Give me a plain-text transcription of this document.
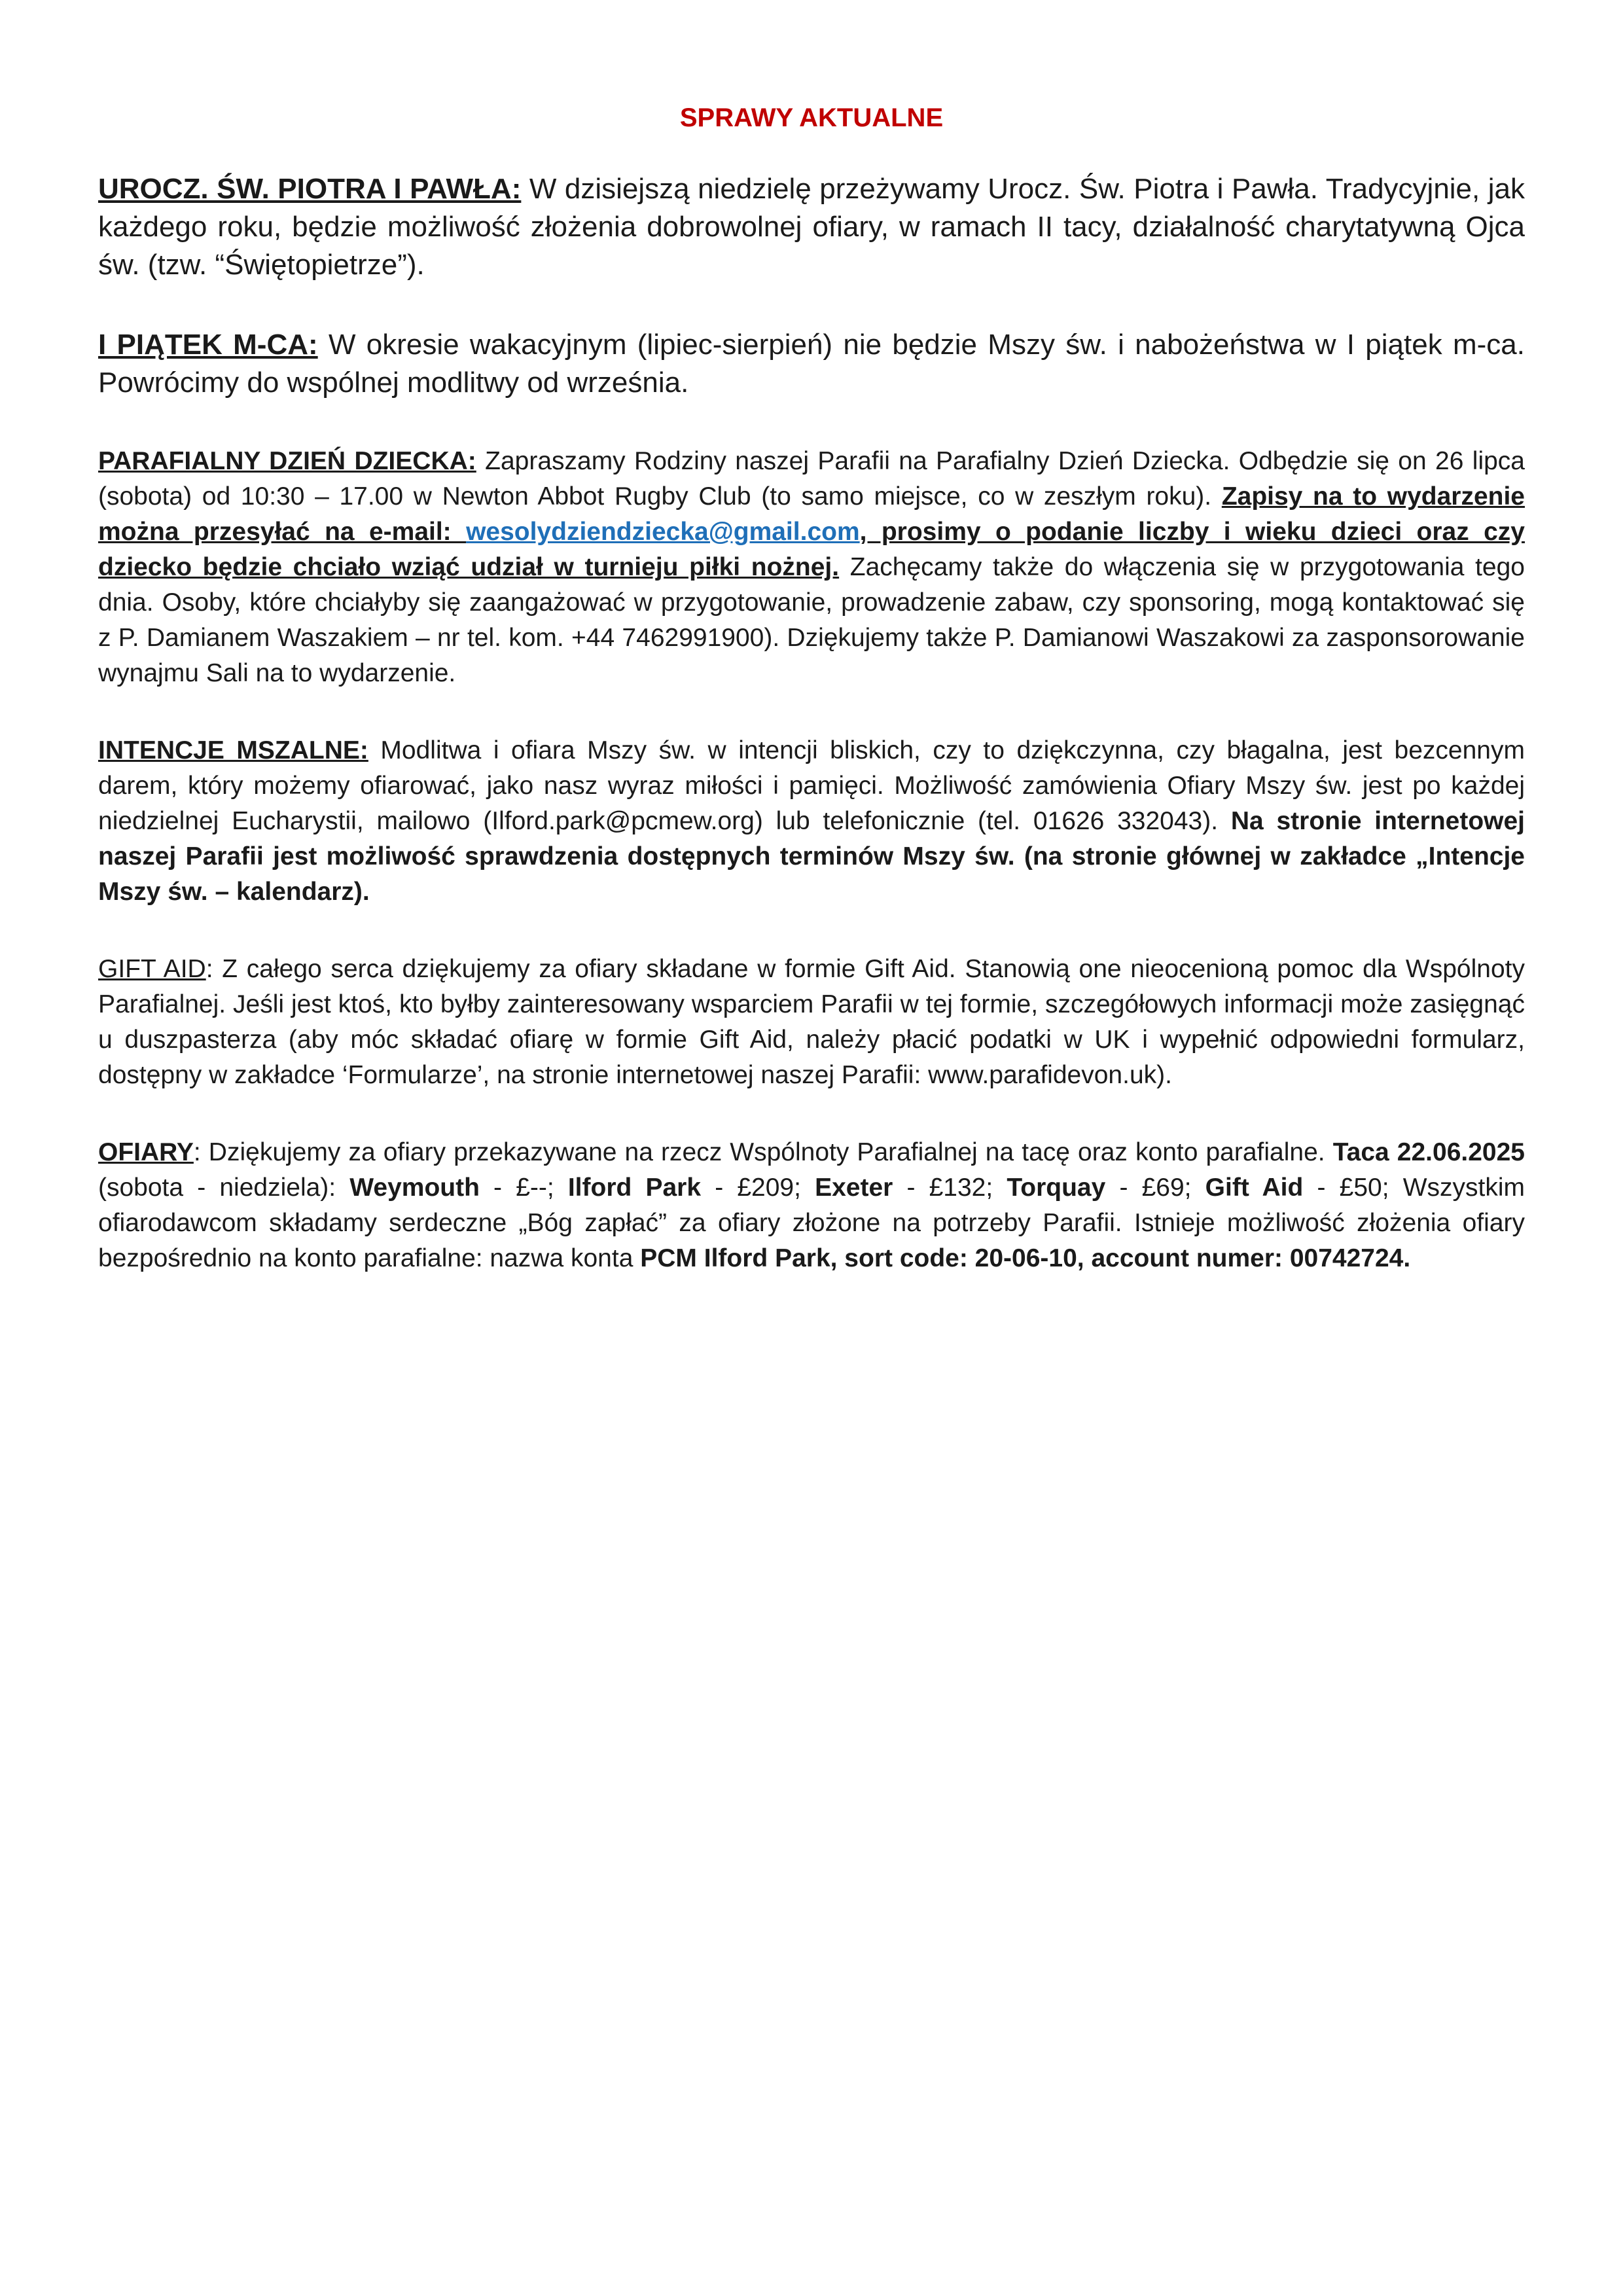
SPRAWY AKTUALNE

UROCZ. ŚW. PIOTRA I PAWŁA: W dzisiejszą niedzielę przeżywamy Urocz. Św. Piotra i Pawła. Tradycyjnie, jak każdego roku, będzie możliwość złożenia dobrowolnej ofiary, w ramach II tacy, działalność charytatywną Ojca św. (tzw. “Świętopietrze”).

I PIĄTEK M-CA: W okresie wakacyjnym (lipiec-sierpień) nie będzie Mszy św. i nabożeństwa w I piątek m-ca. Powrócimy do wspólnej modlitwy od września.

PARAFIALNY DZIEŃ DZIECKA: Zapraszamy Rodziny naszej Parafii na Parafialny Dzień Dziecka. Odbędzie się on 26 lipca (sobota) od 10:30 – 17.00 w Newton Abbot Rugby Club (to samo miejsce, co w zeszłym roku). Zapisy na to wydarzenie można przesyłać na e-mail: wesolydziendziecka@gmail.com, prosimy o podanie liczby i wieku dzieci oraz czy dziecko będzie chciało wziąć udział w turnieju piłki nożnej. Zachęcamy także do włączenia się w przygotowania tego dnia. Osoby, które chciałyby się zaangażować w przygotowanie, prowadzenie zabaw, czy sponsoring, mogą kontaktować się z P. Damianem Waszakiem – nr tel. kom. +44 7462991900). Dziękujemy także P. Damianowi Waszakowi za zasponsorowanie wynajmu Sali na to wydarzenie.

INTENCJE MSZALNE: Modlitwa i ofiara Mszy św. w intencji bliskich, czy to dziękczynna, czy błagalna, jest bezcennym darem, który możemy ofiarować, jako nasz wyraz miłości i pamięci. Możliwość zamówienia Ofiary Mszy św. jest po każdej niedzielnej Eucharystii, mailowo (Ilford.park@pcmew.org) lub telefonicznie (tel. 01626 332043). Na stronie internetowej naszej Parafii jest możliwość sprawdzenia dostępnych terminów Mszy św. (na stronie głównej w zakładce „Intencje Mszy św. – kalendarz).

GIFT AID: Z całego serca dziękujemy za ofiary składane w formie Gift Aid. Stanowią one nieocenioną pomoc dla Wspólnoty Parafialnej. Jeśli jest ktoś, kto byłby zainteresowany wsparciem Parafii w tej formie, szczegółowych informacji może zasięgnąć u duszpasterza (aby móc składać ofiarę w formie Gift Aid, należy płacić podatki w UK i wypełnić odpowiedni formularz, dostępny w zakładce ‘Formularze’, na stronie internetowej naszej Parafii: www.parafidevon.uk).

OFIARY: Dziękujemy za ofiary przekazywane na rzecz Wspólnoty Parafialnej na tacę oraz konto parafialne. Taca 22.06.2025 (sobota - niedziela): Weymouth - £--; Ilford Park - £209; Exeter - £132; Torquay - £69; Gift Aid - £50; Wszystkim ofiarodawcom składamy serdeczne „Bóg zapłać” za ofiary złożone na potrzeby Parafii. Istnieje możliwość złożenia ofiary bezpośrednio na konto parafialne: nazwa konta PCM Ilford Park, sort code: 20-06-10, account numer: 00742724.
